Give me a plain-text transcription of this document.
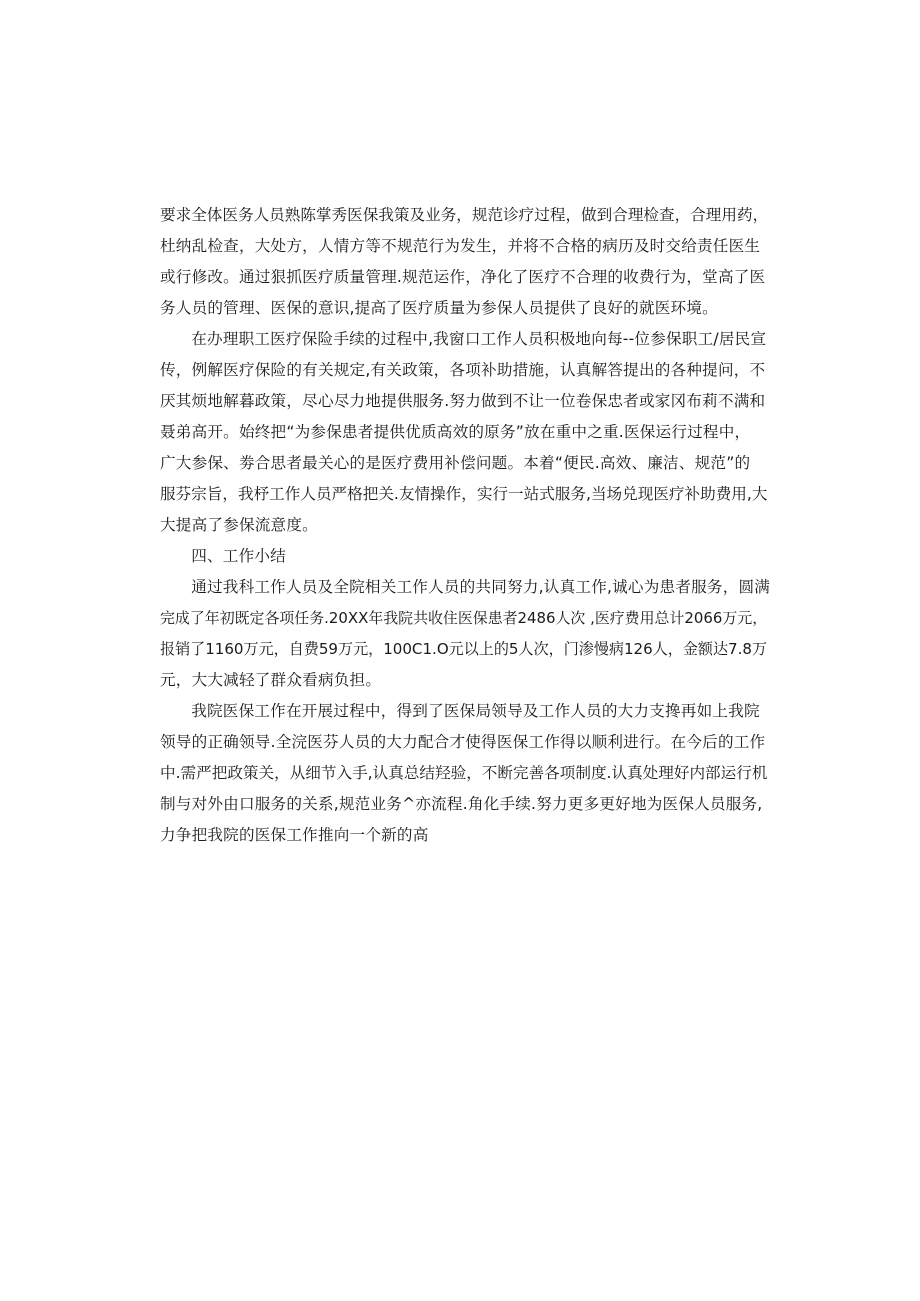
要求全体医务人员熟陈掌秀医保我策及业务，规范诊疗过程，做到合理检查，合理用药，
杜纳乱检查，大处方，人情方等不规范行为发生，并将不合格的病历及时交给责任医生
或行修改。通过狠抓医疗质量管理.规范运作，净化了医疗不合理的收费行为，堂高了医
务人员的管理、医保的意识,提高了医疗质量为参保人员提供了良好的就医环境。

在办理职工医疗保险手续的过程中,我窗口工作人员积极地向每--位参保职工/居民宣
传，例解医疗保险的有关规定,有关政策，各项补助措施，认真解答提出的各种提问，不
厌其烦地解暮政策，尽心尽力地提供服务.努力做到不让一位卷保忠者或家冈布莉不满和
聂弟高开。始终把“为参保患者提供优质高效的原务”放在重中之重.医保运行过程中，
广大参保、劵合思者最关心的是医疗费用补偿问题。本着“便民.高效、廉洁、规范”的
服芬宗旨，我杼工作人员严格把关.友情操作，实行一站式服务,当场兑现医疗补助费用,大
大提高了参保流意度。

四、工作小结

通过我科工作人员及全院相关工作人员的共同努力,认真工作,诚心为患者服务，圆满
完成了年初既定各项任务.20XX年我院共收住医保患者2486人次 ,医疗费用总计2066万元，
报销了1160万元，自费59万元，100C1.O元以上的5人次，门渗慢病126人，金额达7.8万
元，大大减轻了群众看病负担。

我院医保工作在开展过程中，得到了医保局领导及工作人员的大力支搀再如上我院
领导的正确领导.全浣医芬人员的大力配合才使得医保工作得以顺利进行。在今后的工作
中.需严把政策关，从细节入手,认真总结羟验，不断完善各项制度.认真处理好内部运行机
制与对外由口服务的关系,规范业务^亦流程.角化手续.努力更多更好地为医保人员服务,
力争把我院的医保工作推向一个新的高
